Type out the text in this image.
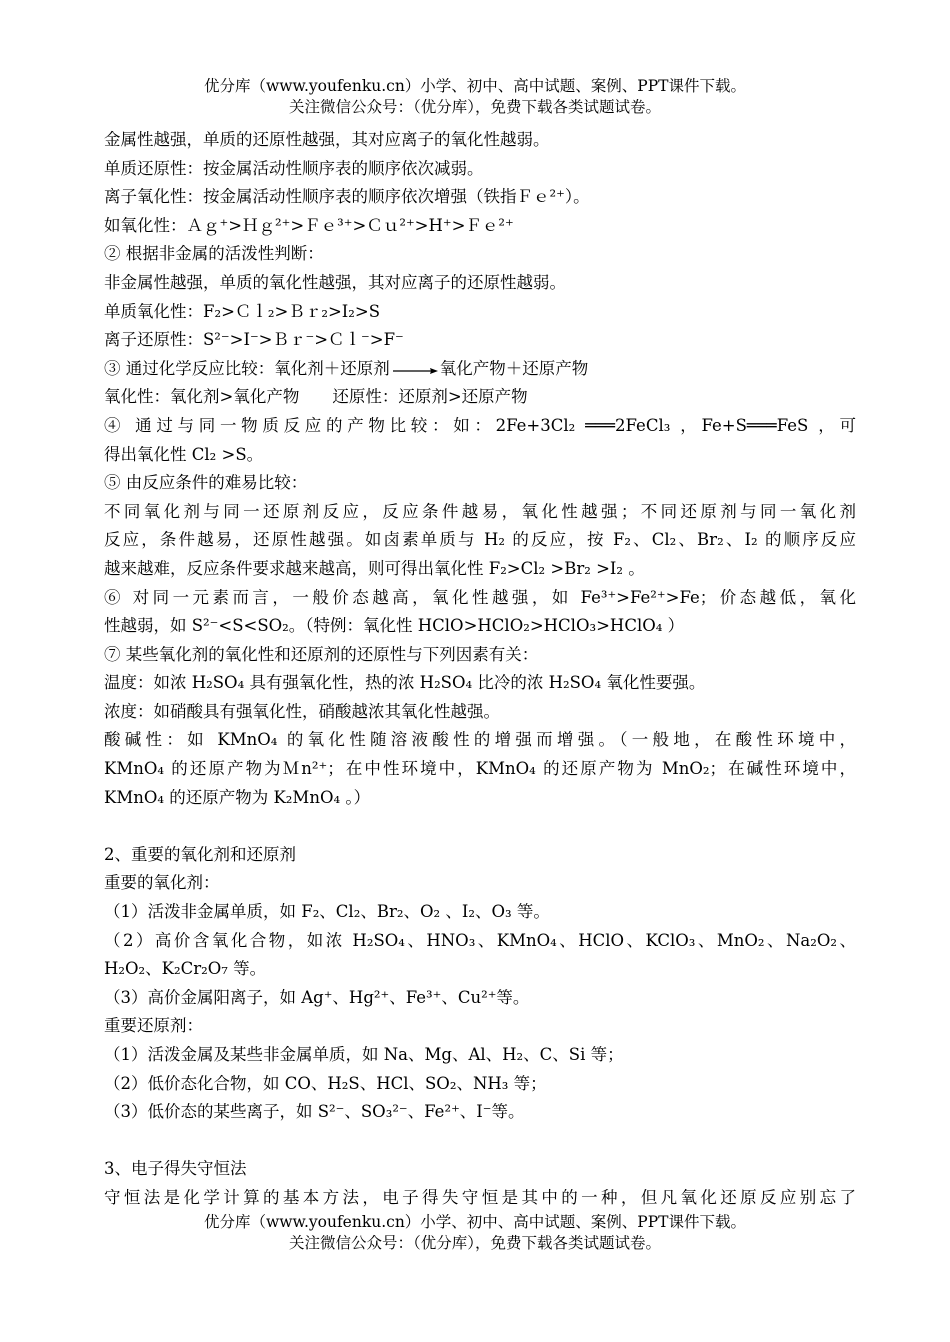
优分库（www.youfenku.cn）小学、初中、高中试题、案例、PPT课件下载。
关注微信公众号：（优分库），免费下载各类试题试卷。
金属性越强，单质的还原性越强，其对应离子的氧化性越弱。
单质还原性：按金属活动性顺序表的顺序依次减弱。
离子氧化性：按金属活动性顺序表的顺序依次增强（铁指Ｆｅ²⁺）。
如氧化性：Ａｇ⁺>Ｈｇ²⁺>Ｆｅ³⁺>Ｃｕ²⁺>H⁺>Ｆｅ²⁺
② 根据非金属的活泼性判断：
非金属性越强，单质的氧化性越强，其对应离子的还原性越弱。
单质氧化性：F₂>Ｃｌ₂>Ｂｒ₂>I₂>S
离子还原性：S²⁻>I⁻>Ｂｒ⁻>Ｃｌ⁻>F⁻
③ 通过化学反应比较：氧化剂＋还原剂 → 氧化产物＋还原产物
氧化性：氧化剂>氧化产物　　还原性：还原剂>还原产物
④ 通过与同一物质反应的产物比较：如：2Fe+3Cl₂ ═══2FeCl₃ ，Fe+S═══FeS ，可
得出氧化性 Cl₂ >S。
⑤ 由反应条件的难易比较：
不同氧化剂与同一还原剂反应，反应条件越易，氧化性越强；不同还原剂与同一氧化剂
反应，条件越易，还原性越强。如卤素单质与 H₂ 的反应，按 F₂、Cl₂、Br₂、I₂ 的顺序反应
越来越难，反应条件要求越来越高，则可得出氧化性 F₂>Cl₂ >Br₂ >I₂ 。
⑥ 对同一元素而言，一般价态越高，氧化性越强，如 Fe³⁺>Fe²⁺>Fe；价态越低，氧化
性越弱，如 S²⁻<S<SO₂。（特例：氧化性 HClO>HClO₂>HClO₃>HClO₄ ）
⑦ 某些氧化剂的氧化性和还原剂的还原性与下列因素有关：
温度：如浓 H₂SO₄ 具有强氧化性，热的浓 H₂SO₄ 比冷的浓 H₂SO₄ 氧化性要强。
浓度：如硝酸具有强氧化性，硝酸越浓其氧化性越强。
酸碱性：如 KMnO₄ 的氧化性随溶液酸性的增强而增强。（一般地，在酸性环境中，
KMnO₄ 的还原产物为Ｍn²⁺；在中性环境中，KMnO₄ 的还原产物为 MnO₂；在碱性环境中，
KMnO₄ 的还原产物为 K₂MnO₄ 。）
2、重要的氧化剂和还原剂
重要的氧化剂：
（1）活泼非金属单质，如 F₂、Cl₂、Br₂、O₂ 、I₂、O₃ 等。
（2）高价含氧化合物，如浓 H₂SO₄、HNO₃、KMnO₄、HClO、KClO₃、MnO₂、Na₂O₂、
H₂O₂、K₂Cr₂O₇ 等。
（3）高价金属阳离子，如 Ag⁺、Hg²⁺、Fe³⁺、Cu²⁺等。
重要还原剂：
（1）活泼金属及某些非金属单质，如 Na、Mg、Al、H₂、C、Si 等；
（2）低价态化合物，如 CO、H₂S、HCl、SO₂、NH₃ 等；
（3）低价态的某些离子，如 S²⁻、SO₃²⁻、Fe²⁺、I⁻等。
3、电子得失守恒法
守恒法是化学计算的基本方法，电子得失守恒是其中的一种，但凡氧化还原反应别忘了
优分库（www.youfenku.cn）小学、初中、高中试题、案例、PPT课件下载。
关注微信公众号：（优分库），免费下载各类试题试卷。
